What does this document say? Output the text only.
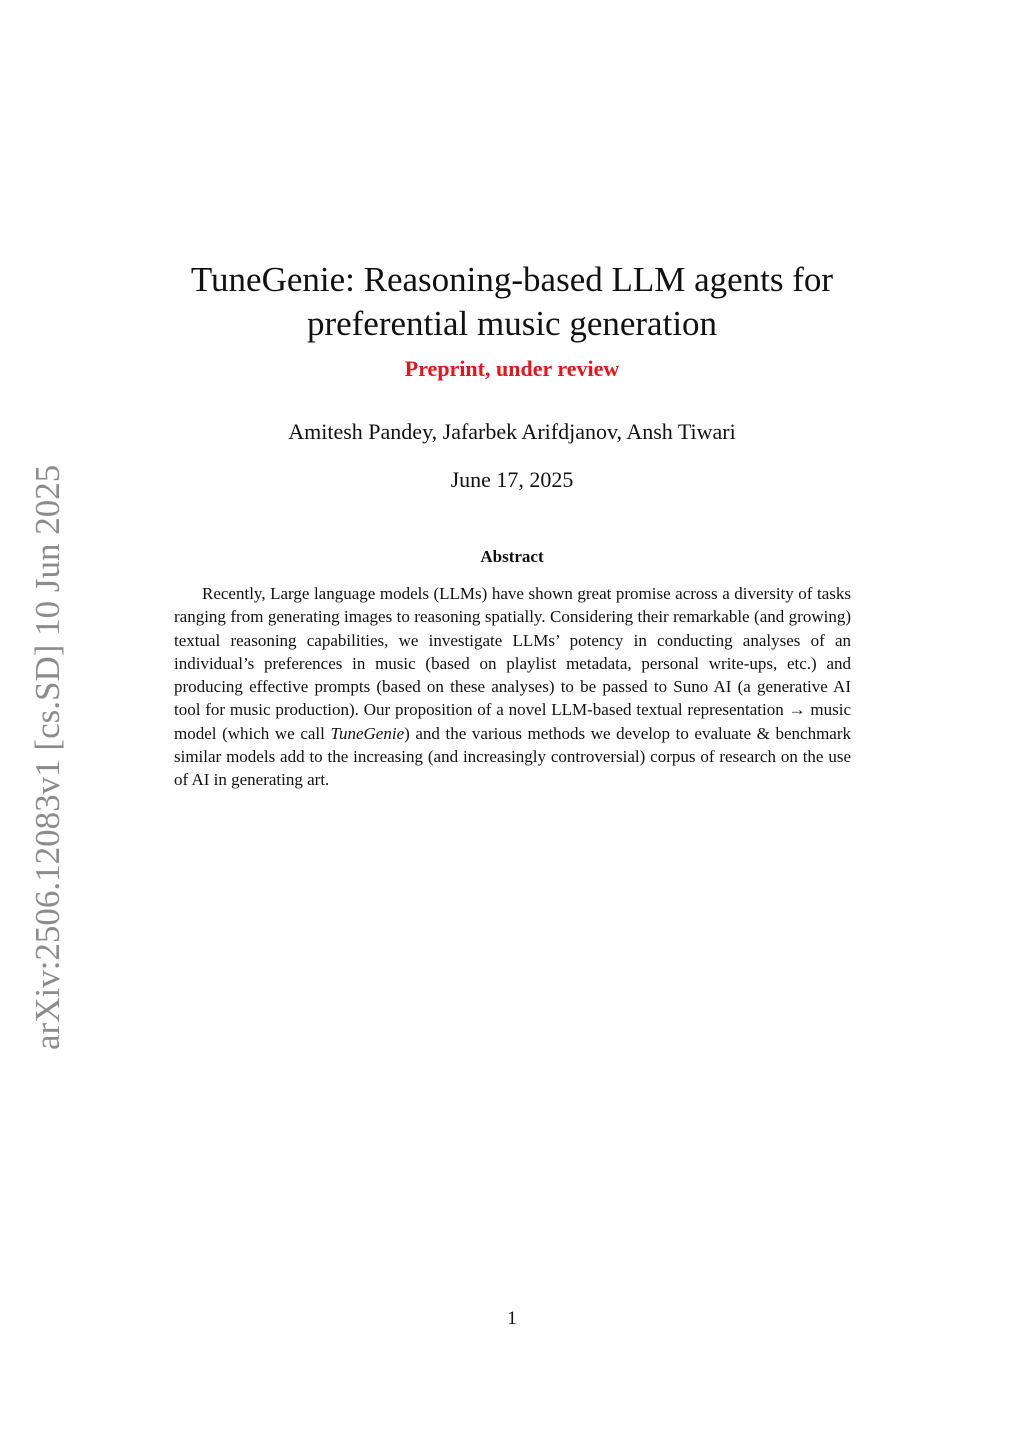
arXiv:2506.12083v1 [cs.SD] 10 Jun 2025
TuneGenie: Reasoning-based LLM agents for
preferential music generation
Preprint, under review
Amitesh Pandey, Jafarbek Arifdjanov, Ansh Tiwari
June 17, 2025
Abstract

Recently, Large language models (LLMs) have shown great promise across a diversity of tasks ranging from generating images to reasoning spatially. Considering their remarkable (and growing) textual reasoning capabilities, we investigate LLMs’ potency in conducting analyses of an individual’s preferences in music (based on playlist metadata, personal write-ups, etc.) and producing effective prompts (based on these analyses) to be passed to Suno AI (a generative AI tool for music production). Our proposition of a novel LLM-based textual representation → music model (which we call TuneGenie) and the various methods we develop to evaluate & benchmark similar models add to the increasing (and increasingly controversial) corpus of research on the use of AI in generating art.

1
